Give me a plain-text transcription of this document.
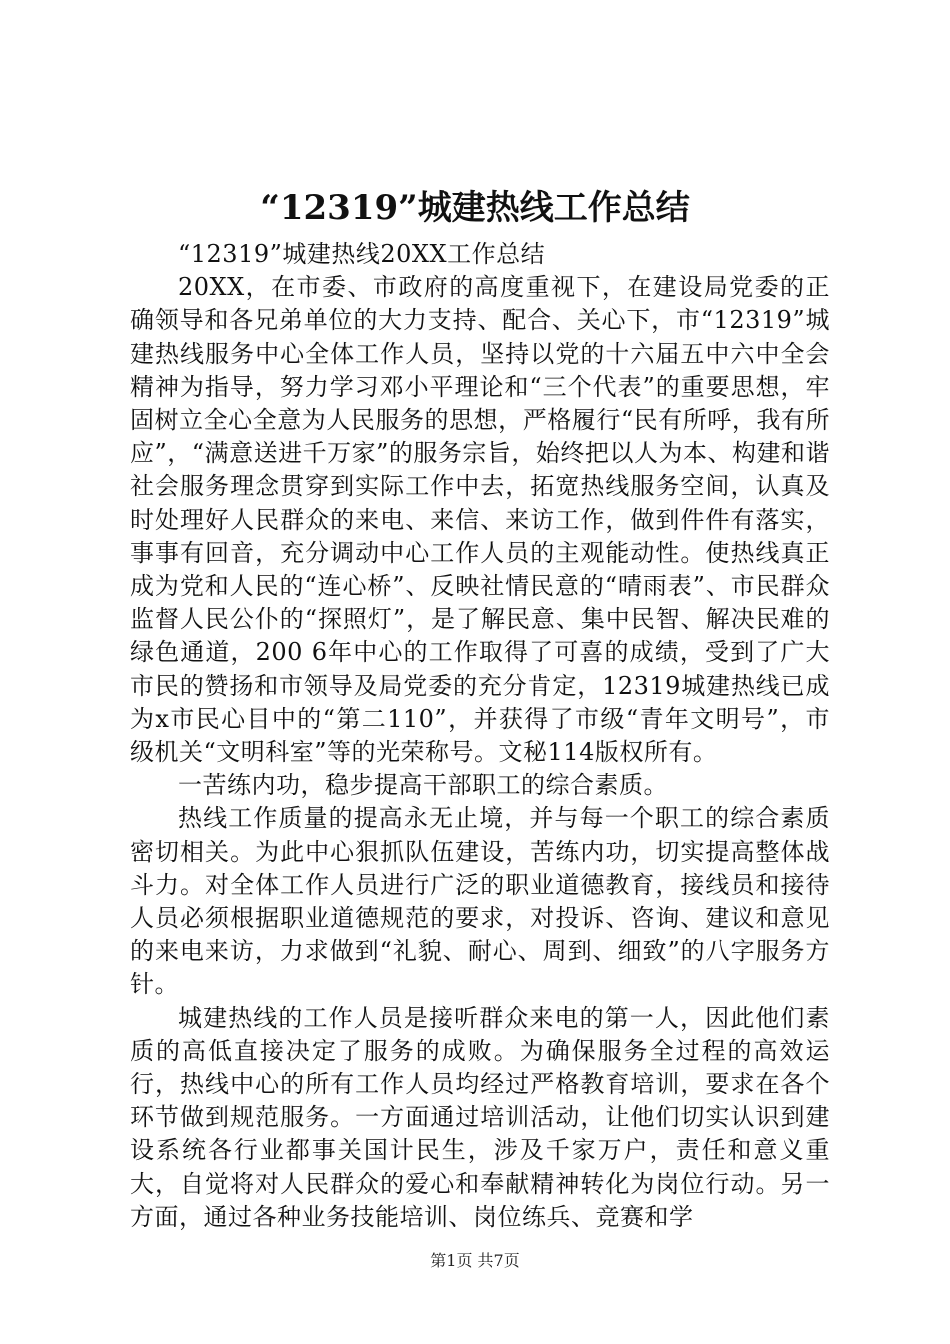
“12319”城建热线工作总结

“12319”城建热线20XX工作总结

20XX，在市委、市政府的高度重视下，在建设局党委的正确领导和各兄弟单位的大力支持、配合、关心下，市“12319”城建热线服务中心全体工作人员，坚持以党的十六届五中六中全会精神为指导，努力学习邓小平理论和“三个代表”的重要思想，牢固树立全心全意为人民服务的思想，严格履行“民有所呼，我有所应”，“满意送进千万家”的服务宗旨，始终把以人为本、构建和谐社会服务理念贯穿到实际工作中去，拓宽热线服务空间，认真及时处理好人民群众的来电、来信、来访工作，做到件件有落实，事事有回音，充分调动中心工作人员的主观能动性。使热线真正成为党和人民的“连心桥”、反映社情民意的“晴雨表”、市民群众监督人民公仆的“探照灯”，是了解民意、集中民智、解决民难的绿色通道，200 6年中心的工作取得了可喜的成绩，受到了广大市民的赞扬和市领导及局党委的充分肯定，12319城建热线已成为x市民心目中的“第二110”，并获得了市级“青年文明号”，市级机关“文明科室”等的光荣称号。文秘114版权所有。

一苦练内功，稳步提高干部职工的综合素质。

热线工作质量的提高永无止境，并与每一个职工的综合素质密切相关。为此中心狠抓队伍建设，苦练内功，切实提高整体战斗力。对全体工作人员进行广泛的职业道德教育，接线员和接待人员必须根据职业道德规范的要求，对投诉、咨询、建议和意见的来电来访，力求做到“礼貌、耐心、周到、细致”的八字服务方针。

城建热线的工作人员是接听群众来电的第一人，因此他们素质的高低直接决定了服务的成败。为确保服务全过程的高效运行，热线中心的所有工作人员均经过严格教育培训，要求在各个环节做到规范服务。一方面通过培训活动，让他们切实认识到建设系统各行业都事关国计民生，涉及千家万户，责任和意义重大，自觉将对人民群众的爱心和奉献精神转化为岗位行动。另一方面，通过各种业务技能培训、岗位练兵、竞赛和学

第1页 共7页
